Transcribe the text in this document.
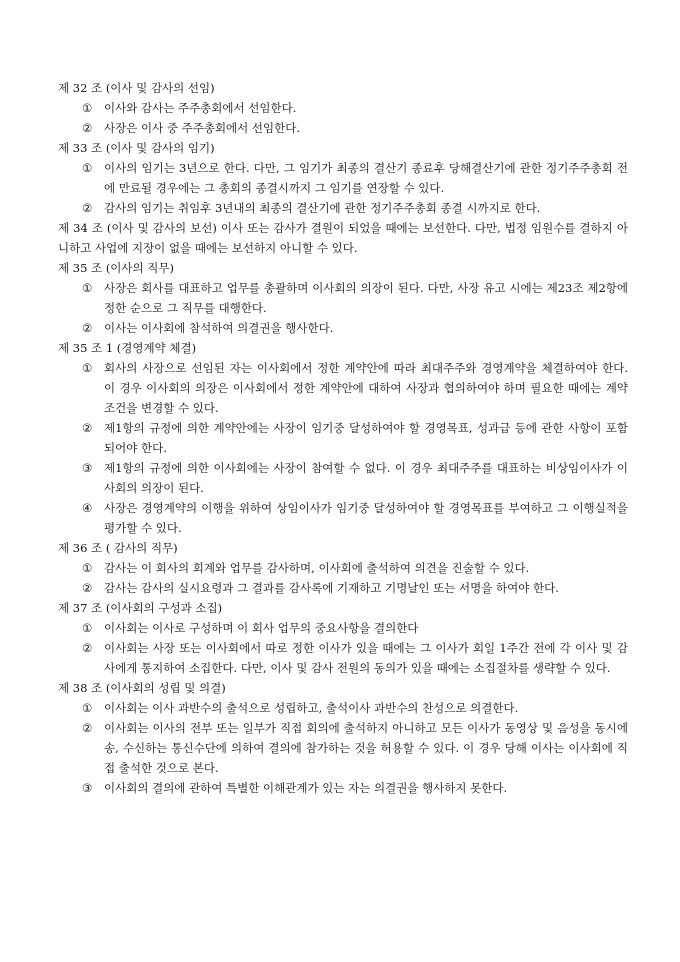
제 32 조 (이사 및 감사의 선임)
① 이사와 감사는 주주총회에서 선임한다.
② 사장은 이사 중 주주총회에서 선임한다.
제 33 조 (이사 및 감사의 임기)
① 이사의 임기는 3년으로 한다. 다만, 그 임기가 최종의 결산기 종료후 당해결산기에 관한 정기주주총회 전에 만료될 경우에는 그 총회의 종결시까지 그 임기를 연장할 수 있다.
② 감사의 임기는 취임후 3년내의 최종의 결산기에 관한 정기주주총회 종결 시까지로 한다.
제 34 조 (이사 및 감사의 보선) 이사 또는 감사가 결원이 되었을 때에는 보선한다. 다만, 법정 임원수를 결하지 아니하고 사업에 지장이 없을 때에는 보선하지 아니할 수 있다.
제 35 조 (이사의 직무)
① 사장은 회사를 대표하고 업무를 총괄하며 이사회의 의장이 된다. 다만, 사장 유고 시에는 제23조 제2항에 정한 순으로 그 직무를 대행한다.
② 이사는 이사회에 참석하여 의결권을 행사한다.
제 35 조 1 (경영계약 체결)
① 회사의 사장으로 선임된 자는 이사회에서 정한 계약안에 따라 최대주주와 경영계약을 체결하여야 한다. 이 경우 이사회의 의장은 이사회에서 정한 계약안에 대하여 사장과 협의하여야 하며 필요한 때에는 계약조건을 변경할 수 있다.
② 제1항의 규정에 의한 계약안에는 사장이 임기중 달성하여야 할 경영목표, 성과급 등에 관한 사항이 포함되어야 한다.
③ 제1항의 규정에 의한 이사회에는 사장이 참여할 수 없다. 이 경우 최대주주를 대표하는 비상임이사가 이사회의 의장이 된다.
④ 사장은 경영계약의 이행을 위하여 상임이사가 임기중 달성하여야 할 경영목표를 부여하고 그 이행실적을 평가할 수 있다.
제 36 조 ( 감사의 직무)
① 감사는 이 회사의 회계와 업무를 감사하며, 이사회에 출석하여 의견을 진술할 수 있다.
② 감사는 감사의 실시요령과 그 결과를 감사록에 기재하고 기명날인 또는 서명을 하여야 한다.
제 37 조 (이사회의 구성과 소집)
① 이사회는 이사로 구성하며 이 회사 업무의 중요사항을 결의한다
② 이사회는 사장 또는 이사회에서 따로 정한 이사가 있을 때에는 그 이사가 회일 1주간 전에 각 이사 및 감사에게 통지하여 소집한다. 다만, 이사 및 감사 전원의 동의가 있을 때에는 소집절차를 생략할 수 있다.
제 38 조 (이사회의 성립 및 의결)
① 이사회는 이사 과반수의 출석으로 성립하고, 출석이사 과반수의 찬성으로 의결한다.
② 이사회는 이사의 전부 또는 일부가 직접 회의에 출석하지 아니하고 모든 이사가 동영상 및 음성을 동시에 송, 수신하는 통신수단에 의하여 결의에 참가하는 것을 허용할 수 있다. 이 경우 당해 이사는 이사회에 직접 출석한 것으로 본다.
③ 이사회의 결의에 관하여 특별한 이해관계가 있는 자는 의결권을 행사하지 못한다.
